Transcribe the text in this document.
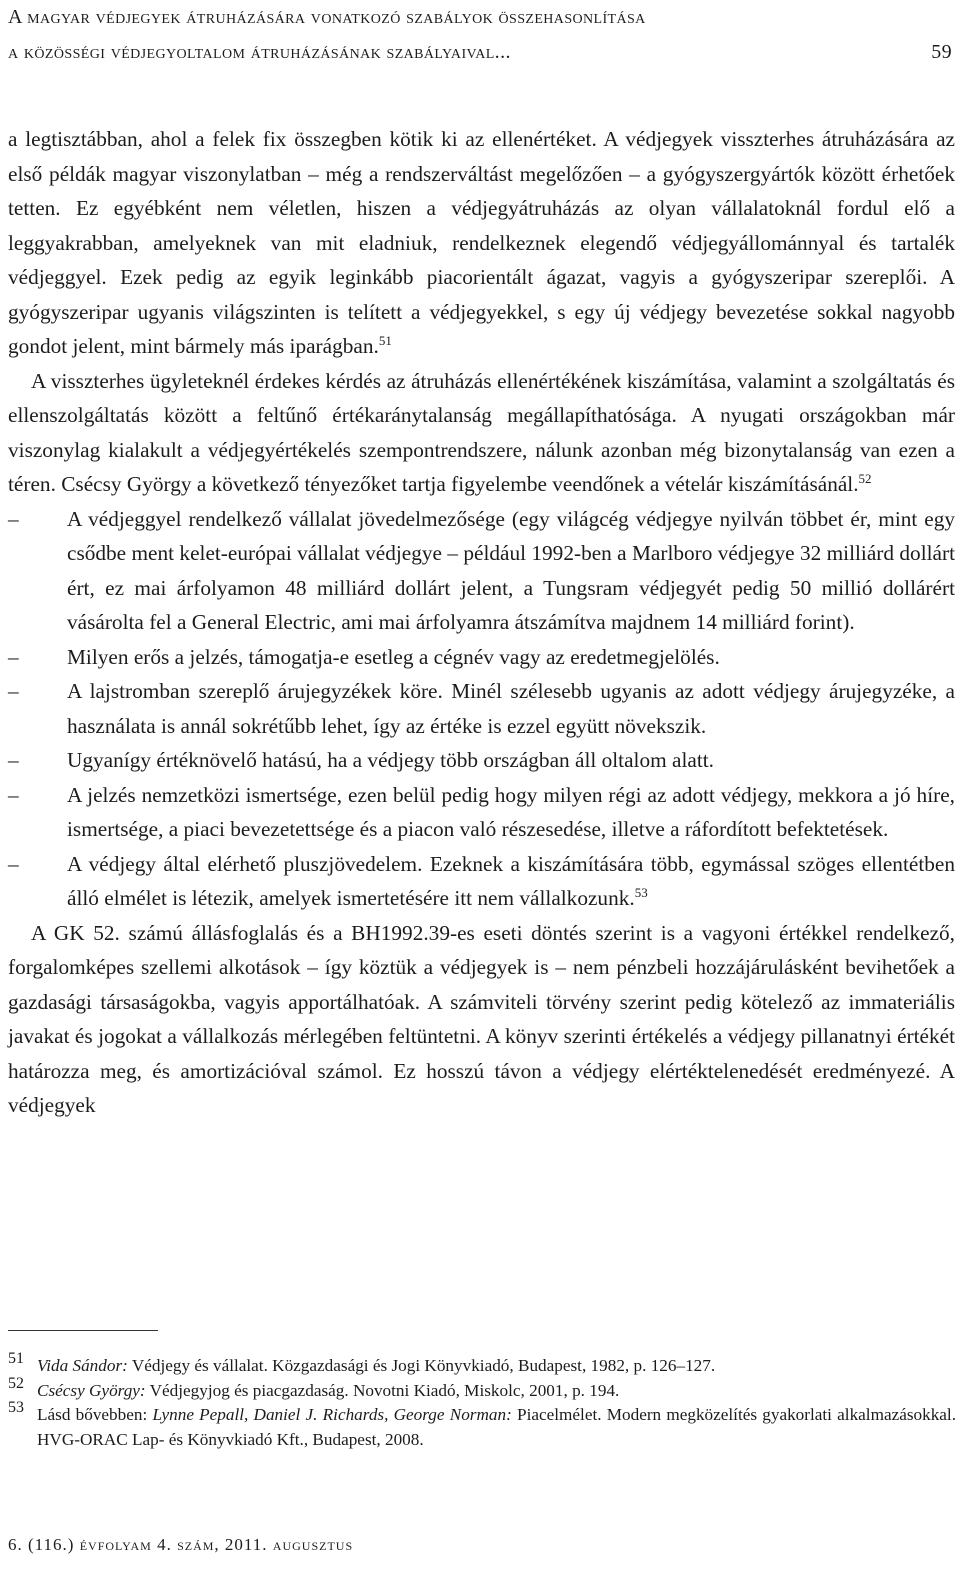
A magyar védjegyek átruházására vonatkozó szabályok összehasonlítása
a közösségi védjegyoltalom átruházásának szabályaival...	59

a legtisztábban, ahol a felek fix összegben kötik ki az ellenértéket. A védjegyek visszterhes átruházására az első példák magyar viszonylatban – még a rendszerváltást megelőzően – a gyógyszergyártók között érhetőek tetten. Ez egyébként nem véletlen, hiszen a védjegyátruházás az olyan vállalatoknál fordul elő a leggyakrabban, amelyeknek van mit eladniuk, rendelkeznek elegendő védjegyállománnyal és tartalék védjeggyel. Ezek pedig az egyik leginkább piacorientált ágazat, vagyis a gyógyszeripar szereplői. A gyógyszeripar ugyanis világszinten is telített a védjegyekkel, s egy új védjegy bevezetése sokkal nagyobb gondot jelent, mint bármely más iparágban.$^{51}$

A visszterhes ügyleteknél érdekes kérdés az átruházás ellenértékének kiszámítása, valamint a szolgáltatás és ellenszolgáltatás között a feltűnő értékaránytalanság megállapíthatósága. A nyugati országokban már viszonylag kialakult a védjegyértékelés szempontrendszere, nálunk azonban még bizonytalanság van ezen a téren. Csécsy György a következő tényezőket tartja figyelembe veendőnek a vételár kiszámításánál.$^{52}$

– A védjeggyel rendelkező vállalat jövedelmezősége (egy világcég védjegye nyilván többet ér, mint egy csődbe ment kelet-európai vállalat védjegye – például 1992-ben a Marlboro védjegye 32 milliárd dollárt ért, ez mai árfolyamon 48 milliárd dollárt jelent, a Tungsram védjegyét pedig 50 millió dollárért vásárolta fel a General Electric, ami mai árfolyamra átszámítva majdnem 14 milliárd forint).
– Milyen erős a jelzés, támogatja-e esetleg a cégnév vagy az eredetmegjelölés.
– A lajstromban szereplő árujegyzékek köre. Minél szélesebb ugyanis az adott védjegy árujegyzéke, a használata is annál sokrétűbb lehet, így az értéke is ezzel együtt növekszik.
– Ugyanígy értéknövelő hatású, ha a védjegy több országban áll oltalom alatt.
– A jelzés nemzetközi ismertsége, ezen belül pedig hogy milyen régi az adott védjegy, mekkora a jó híre, ismertsége, a piaci bevezetettsége és a piacon való részesedése, illetve a ráfordított befektetések.
– A védjegy által elérhető pluszjövedelem. Ezeknek a kiszámítására több, egymással szöges ellentétben álló elmélet is létezik, amelyek ismertetésére itt nem vállalkozunk.$^{53}$

A GK 52. számú állásfoglalás és a BH1992.39-es eseti döntés szerint is a vagyoni értékkel rendelkező, forgalomképes szellemi alkotások – így köztük a védjegyek is – nem pénzbeli hozzájárulásként bevihetőek a gazdasági társaságokba, vagyis apportálhatóak. A számviteli törvény szerint pedig kötelező az immateriális javakat és jogokat a vállalkozás mérlegében feltüntetni. A könyv szerinti értékelés a védjegy pillanatnyi értékét határozza meg, és amortizációval számol. Ez hosszú távon a védjegy elértéktelenedését eredményezé. A védjegyek

51 Vida Sándor: Védjegy és vállalat. Közgazdasági és Jogi Könyvkiadó, Budapest, 1982, p. 126–127.
52 Csécsy György: Védjegyjog és piacgazdaság. Novotni Kiadó, Miskolc, 2001, p. 194.
53 Lásd bővebben: Lynne Pepall, Daniel J. Richards, George Norman: Piacelmélet. Modern megközelítés gyakorlati alkalmazásokkal. HVG-ORAC Lap- és Könyvkiadó Kft., Budapest, 2008.
6. (116.) évfolyam 4. szám, 2011. augusztus
